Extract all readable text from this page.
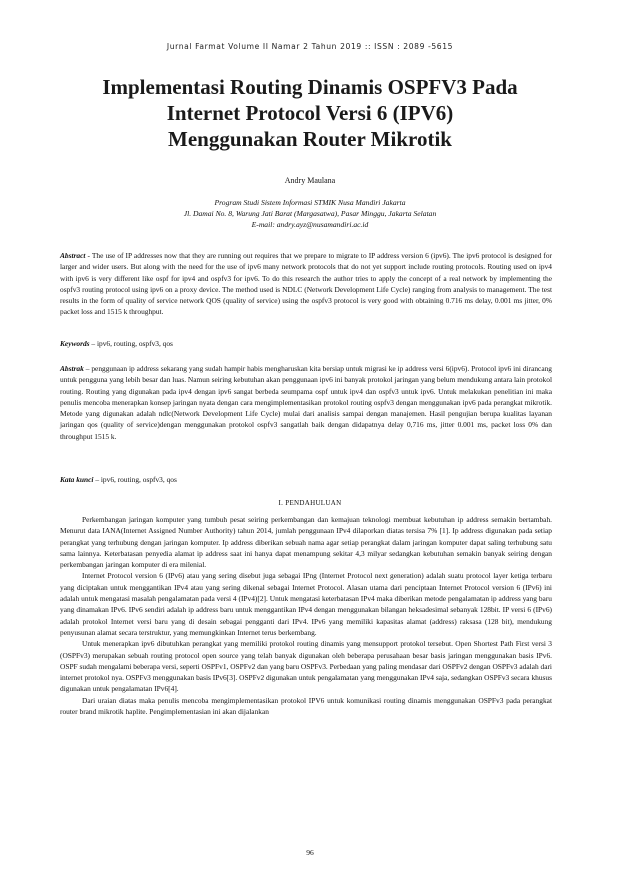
Jurnal Farmat Volume II Namar 2 Tahun 2019 :: ISSN : 2089 -5615
Implementasi Routing Dinamis OSPFV3 Pada
Internet Protocol Versi 6 (IPV6)
Menggunakan Router Mikrotik
Andry Maulana
Program Studi Sistem Informasi STMIK Nusa Mandiri Jakarta
Jl. Damai No. 8, Warung Jati Barat (Margasatwa), Pasar Minggu, Jakarta Selatan
E-mail: andry.ayz@nusamandiri.ac.id
Abstract - The use of IP addresses now that they are running out requires that we prepare to migrate to IP address version 6 (ipv6). The ipv6 protocol is designed for larger and wider users. But along with the need for the use of ipv6 many network protocols that do not yet support include routing protocols. Routing used on ipv4 with ipv6 is very different like ospf for ipv4 and ospfv3 for ipv6. To do this research the author tries to apply the concept of a real network by implementing the ospfv3 routing protocol using ipv6 on a proxy device. The method used is NDLC (Network Development Life Cycle) ranging from analysis to management. The test results in the form of quality of service network QOS (quality of service) using the ospfv3 protocol is very good with obtaining 0.716 ms delay, 0.001 ms jitter, 0% packet loss and 1515 k throughput.
Keywords – ipv6, routing, ospfv3, qos
Abstrak – penggunaan ip address sekarang yang sudah hampir habis mengharuskan kita bersiap untuk migrasi ke ip address versi 6(ipv6). Protocol ipv6 ini dirancang untuk pengguna yang lebih besar dan luas. Namun seiring kebutuhan akan penggunaan ipv6 ini banyak protokol jaringan yang belum mendukung antara lain protokol routing. Routing yang digunakan pada ipv4 dengan ipv6 sangat berbeda seumpama ospf untuk ipv4 dan ospfv3 untuk ipv6. Untuk melakukan penelitian ini maka penulis mencoba menerapkan konsep jaringan nyata dengan cara mengimplementasikan protokol routing ospfv3 dengan menggunakan ipv6 pada perangkat mikrotik. Metode yang digunakan adalah ndlc(Network Development Life Cycle) mulai dari analisis sampai dengan manajemen. Hasil pengujian berupa kualitas layanan jaringan qos (quality of service)dengan menggunakan protokol ospfv3 sangatlah baik dengan didapatnya delay 0,716 ms, jitter 0.001 ms, packet loss 0% dan throughput 1515 k.
Kata kunci – ipv6, routing, ospfv3, qos
I. PENDAHULUAN

Perkembangan jaringan komputer yang tumbuh pesat seiring perkembangan dan kemajuan teknologi membuat kebutuhan ip address semakin bertambah. Menurut data IANA(Internet Assigned Number Authority) tahun 2014, jumlah penggunaan IPv4 dilaporkan diatas tersisa 7% [1]. Ip address digunakan pada setiap perangkat yang terhubung dengan jaringan komputer. Ip address diberikan sebuah nama agar setiap perangkat dalam jaringan komputer dapat saling terhubung satu sama lainnya. Keterbatasan penyedia alamat ip address saat ini hanya dapat menampung sekitar 4,3 milyar sedangkan kebutuhan semakin banyak seiring dengan perkembangan jaringan komputer di era milenial.

Internet Protocol version 6 (IPv6) atau yang sering disebut juga sebagai IPng (Internet Protocol next generation) adalah suatu protocol layer ketiga terbaru yang diciptakan untuk menggantikan IPv4 atau yang sering dikenal sebagai Internet Protocol. Alasan utama dari penciptaan Internet Protocol version 6 (IPv6) ini adalah untuk mengatasi masalah pengalamatan pada versi 4 (IPv4)[2]. Untuk mengatasi keterbatasan IPv4 maka diberikan metode pengalamatan ip address yang baru yang dinamakan IPv6. IPv6 sendiri adalah ip address baru untuk menggantikan IPv4 dengan menggunakan bilangan heksadesimal sebanyak 128bit. IP versi 6 (IPv6) adalah protokol Internet versi baru yang di desain sebagai pengganti dari IPv4. IPv6 yang memiliki kapasitas alamat (address) raksasa (128 bit), mendukung penyusunan alamat secara terstruktur, yang memungkinkan Internet terus berkembang.

Untuk menerapkan ipv6 dibutuhkan perangkat yang memiliki protokol routing dinamis yang mensupport protokol tersebut. Open Shortest Path First versi 3 (OSPFv3) merupakan sebuah routing protocol open source yang telah banyak digunakan oleh beberapa perusahaan besar basis jaringan menggunakan basis IPv6. OSPF sudah mengalami beberapa versi, seperti OSPFv1, OSPFv2 dan yang baru OSPFv3. Perbedaan yang paling mendasar dari OSPFv2 dengan OSPFv3 adalah dari internet protokol nya. OSPFv3 menggunakan basis IPv6[3]. OSPFv2 digunakan untuk pengalamatan yang menggunakan IPv4 saja, sedangkan OSPFv3 secara khusus digunakan untuk pengalamatan IPv6[4].

Dari uraian diatas maka penulis mencoba mengimplementasikan protokol IPV6 untuk komunikasi routing dinamis menggunakan OSPFv3 pada perangkat router brand mikrotik haplite. Pengimplementasian ini akan dijalankan

96
